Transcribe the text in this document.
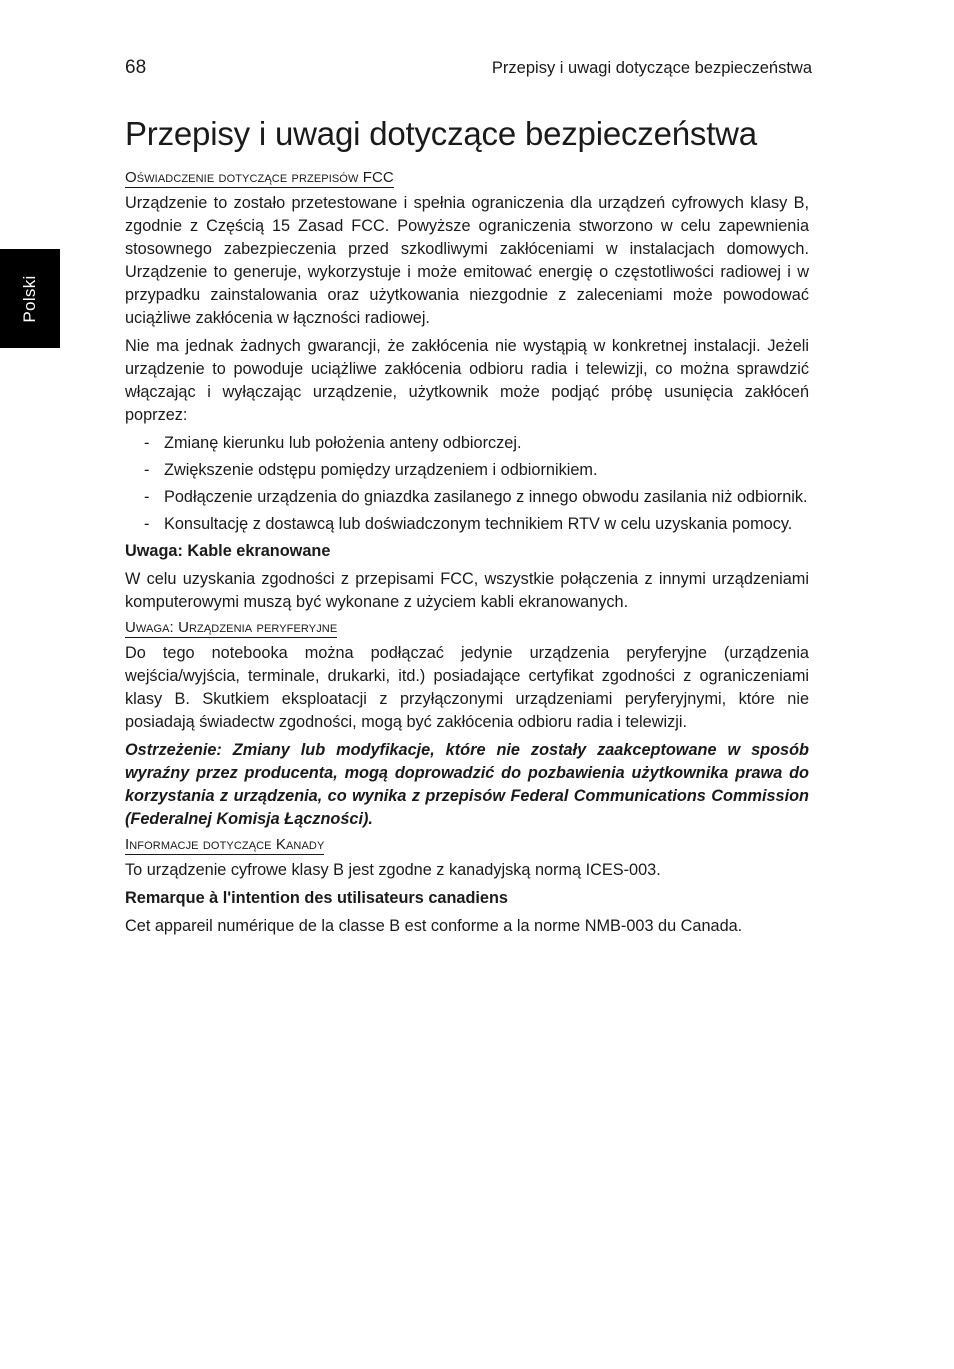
68	Przepisy i uwagi dotyczące bezpieczeństwa
Polski
Przepisy i uwagi dotyczące bezpieczeństwa
Oświadczenie dotyczące przepisów FCC

Urządzenie to zostało przetestowane i spełnia ograniczenia dla urządzeń cyfrowych klasy B, zgodnie z Częścią 15 Zasad FCC. Powyższe ograniczenia stworzono w celu zapewnienia stosownego zabezpieczenia przed szkodliwymi zakłóceniami w instalacjach domowych. Urządzenie to generuje, wykorzystuje i może emitować energię o częstotliwości radiowej i w przypadku zainstalowania oraz użytkowania niezgodnie z zaleceniami może powodować uciążliwe zakłócenia w łączności radiowej.

Nie ma jednak żadnych gwarancji, że zakłócenia nie wystąpią w konkretnej instalacji. Jeżeli urządzenie to powoduje uciążliwe zakłócenia odbioru radia i telewizji, co można sprawdzić włączając i wyłączając urządzenie, użytkownik może podjąć próbę usunięcia zakłóceń poprzez:

- Zmianę kierunku lub położenia anteny odbiorczej.
- Zwiększenie odstępu pomiędzy urządzeniem i odbiornikiem.
- Podłączenie urządzenia do gniazdka zasilanego z innego obwodu zasilania niż odbiornik.
- Konsultację z dostawcą lub doświadczonym technikiem RTV w celu uzyskania pomocy.
Uwaga: Kable ekranowane

W celu uzyskania zgodności z przepisami FCC, wszystkie połączenia z innymi urządzeniami komputerowymi muszą być wykonane z użyciem kabli ekranowanych.

Uwaga: Urządzenia peryferyjne

Do tego notebooka można podłączać jedynie urządzenia peryferyjne (urządzenia wejścia/wyjścia, terminale, drukarki, itd.) posiadające certyfikat zgodności z ograniczeniami klasy B. Skutkiem eksploatacji z przyłączonymi urządzeniami peryferyjnymi, które nie posiadają świadectw zgodności, mogą być zakłócenia odbioru radia i telewizji.

Ostrzeżenie: Zmiany lub modyfikacje, które nie zostały zaakceptowane w sposób wyraźny przez producenta, mogą doprowadzić do pozbawienia użytkownika prawa do korzystania z urządzenia, co wynika z przepisów Federal Communications Commission (Federalnej Komisja Łączności).

Informacje dotyczące Kanady

To urządzenie cyfrowe klasy B jest zgodne z kanadyjską normą ICES-003.

Remarque à l'intention des utilisateurs canadiens

Cet appareil numérique de la classe B est conforme a la norme NMB-003 du Canada.
